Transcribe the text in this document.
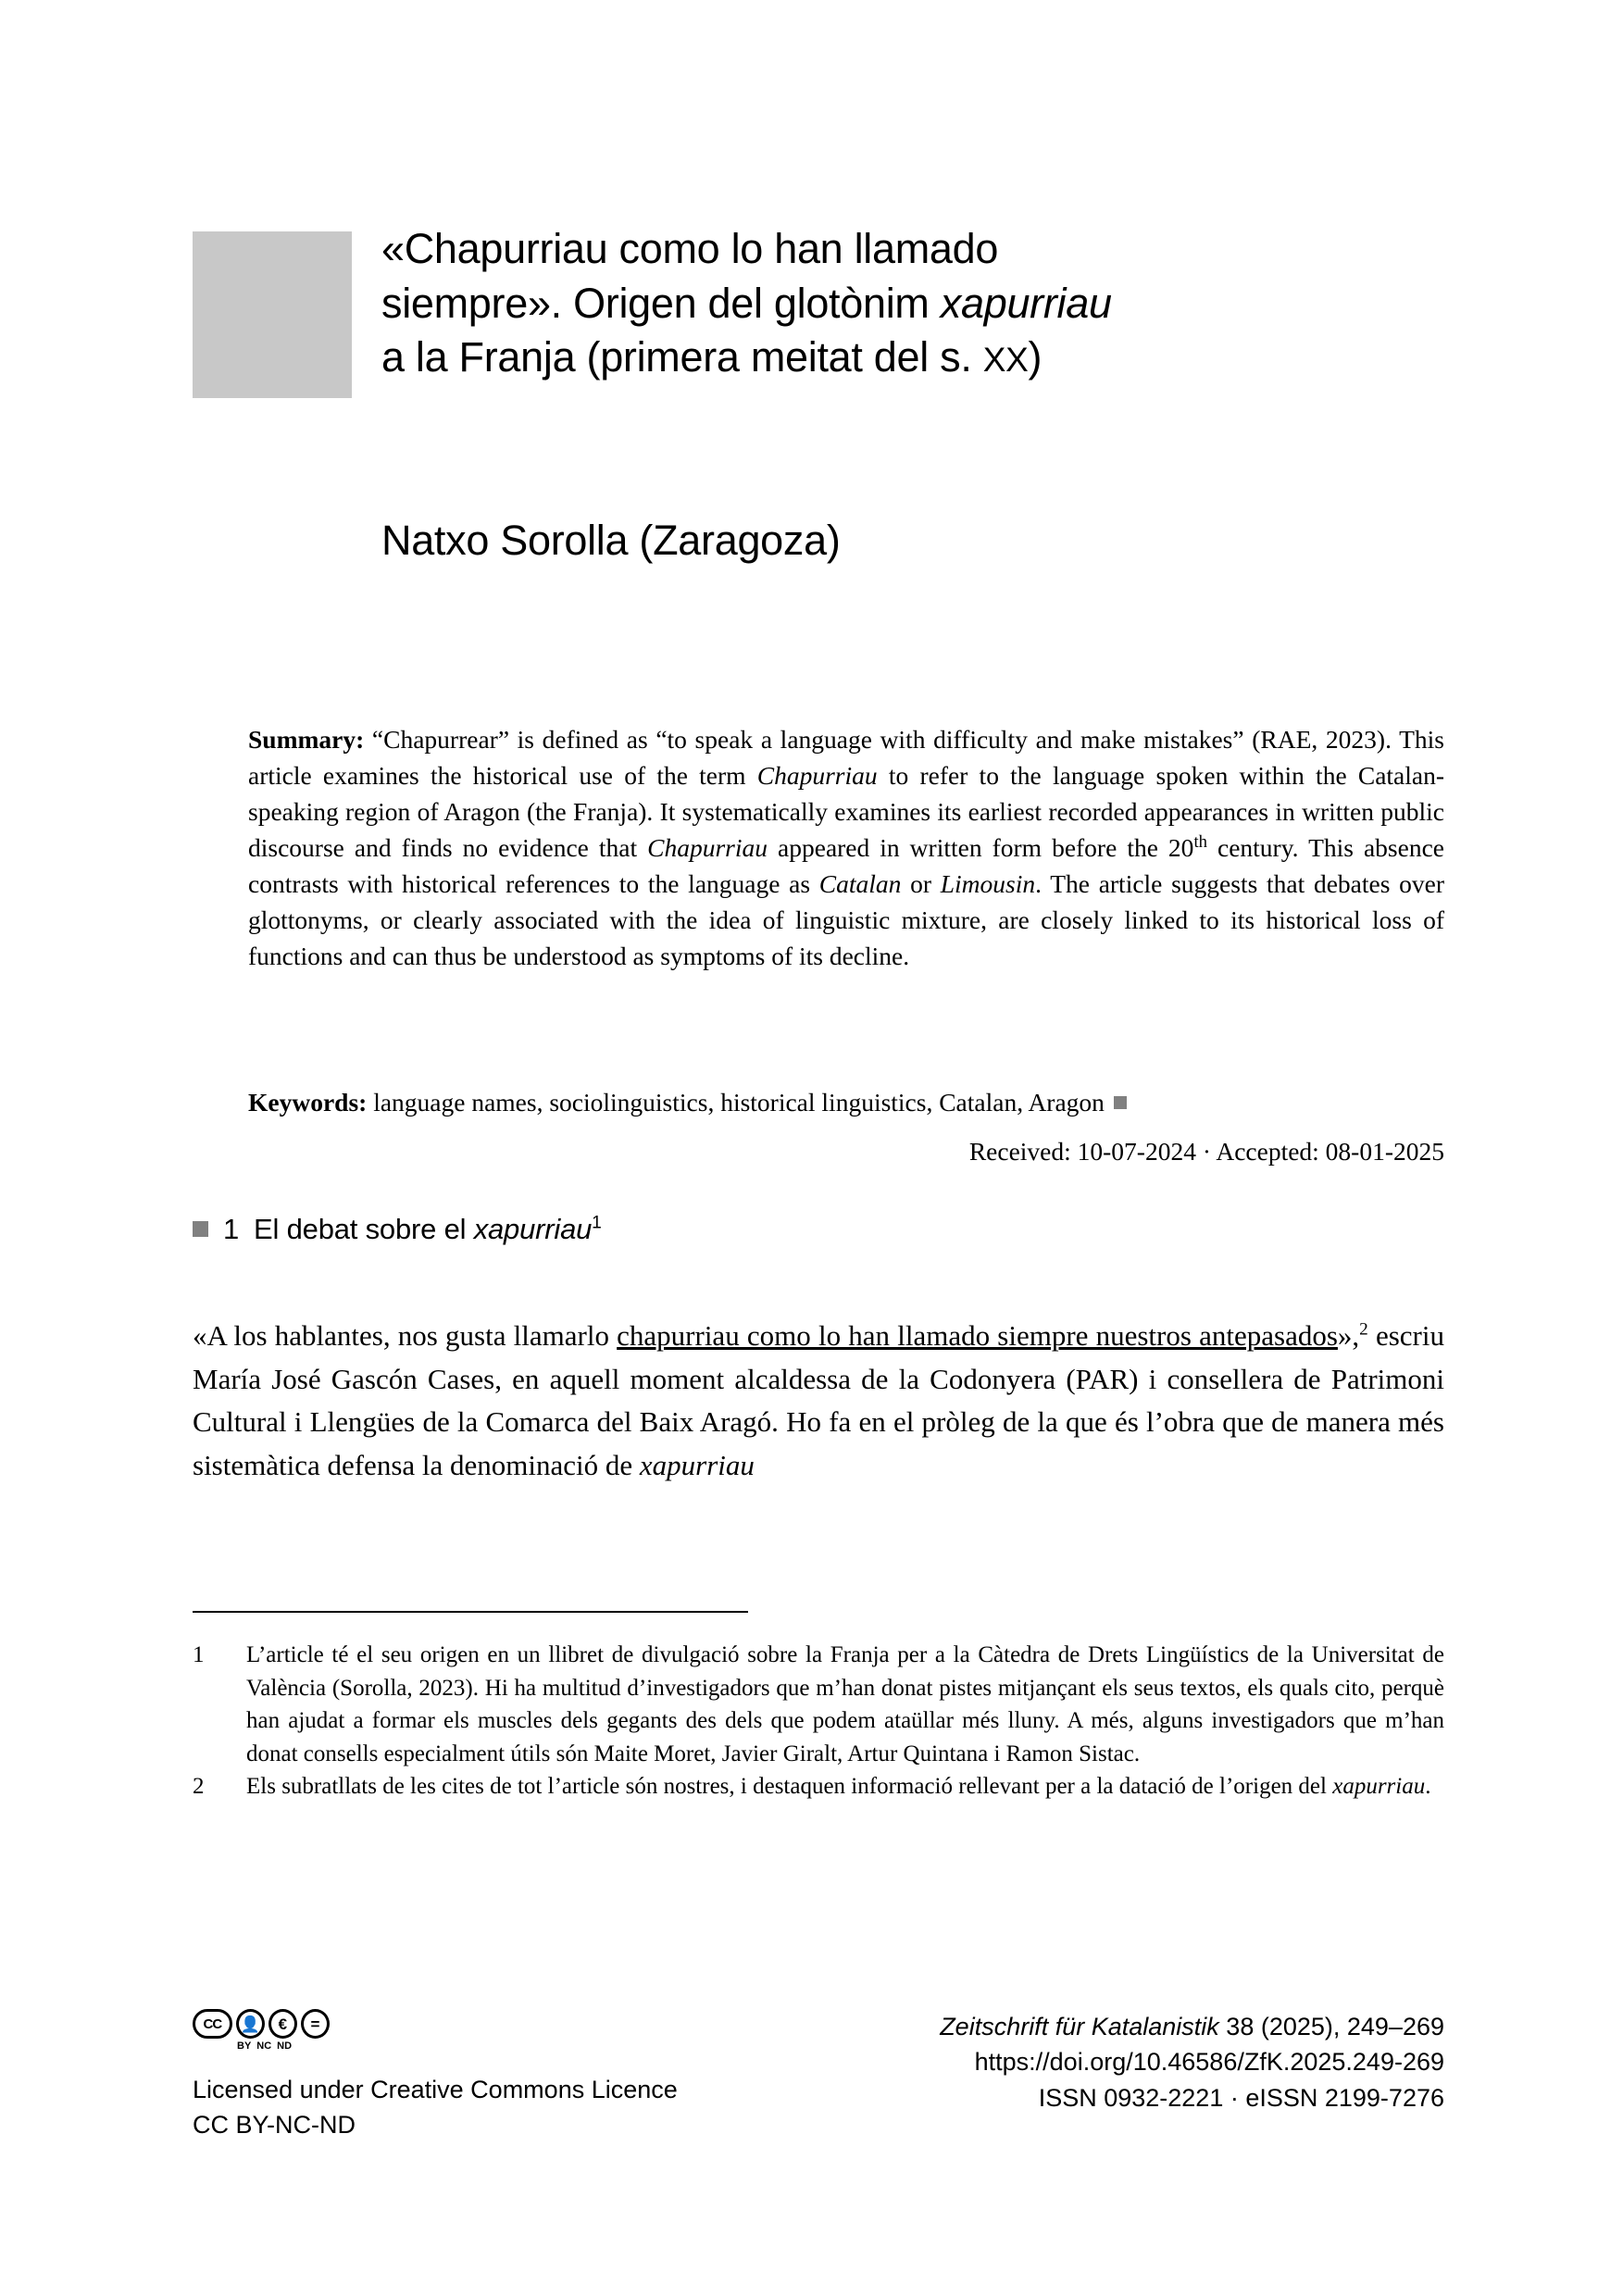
«Chapurriau como lo han llamado
siempre». Origen del glotònim xapurriau
a la Franja (primera meitat del s. XX)
Natxo Sorolla (Zaragoza)
Summary: “Chapurrear” is defined as “to speak a language with difficulty and make mistakes” (RAE, 2023). This article examines the historical use of the term Chapurriau to refer to the language spoken within the Catalan-speaking region of Aragon (the Franja). It systematically examines its earliest recorded appearances in written public discourse and finds no evidence that Chapurriau appeared in written form before the 20th century. This absence contrasts with historical references to the language as Catalan or Limousin. The article suggests that debates over glottonyms, or clearly associated with the idea of linguistic mixture, are closely linked to its historical loss of functions and can thus be understood as symptoms of its decline.
Keywords: language names, sociolinguistics, historical linguistics, Catalan, Aragon
Received: 10-07-2024 · Accepted: 08-01-2025
1 El debat sobre el xapurriau$^1$
«A los hablantes, nos gusta llamarlo chapurriau como lo han llamado siempre nuestros antepasados»,$^2$ escriu María José Gascón Cases, en aquell moment alcaldessa de la Codonyera (PAR) i consellera de Patrimoni Cultural i Llengües de la Comarca del Baix Aragó. Ho fa en el pròleg de la que és l’obra que de manera més sistemàtica defensa la denominació de xapurriau
1	L’article té el seu origen en un llibret de divulgació sobre la Franja per a la Càtedra de Drets Lingüístics de la Universitat de València (Sorolla, 2023). Hi ha multitud d’investigadors que m’han donat pistes mitjançant els seus textos, els quals cito, perquè han ajudat a formar els muscles dels gegants des dels que podem ataüllar més lluny. A més, alguns investigadors que m’han donat consells especialment útils són Maite Moret, Javier Giralt, Artur Quintana i Ramon Sistac.
2	Els subratllats de les cites de tot l’article són nostres, i destaquen informació rellevant per a la datació de l’origen del xapurriau.
CC	👤	€	=
BY NC ND
Licensed under Creative Commons Licence
CC BY-NC-ND
Zeitschrift für Katalanistik 38 (2025), 249–269
https://doi.org/10.46586/ZfK.2025.249-269
ISSN 0932-2221 · eISSN 2199-7276
